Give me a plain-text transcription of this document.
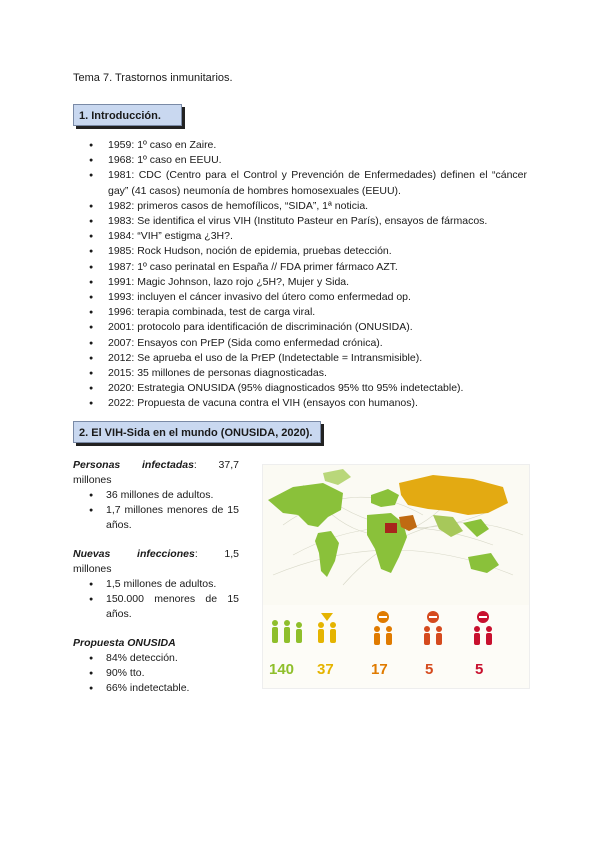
Tema 7. Trastornos inmunitarios.
1. Introducción.
● 1959: 1º caso en Zaire.
● 1968: 1º caso en EEUU.
● 1981: CDC (Centro para el Control y Prevención de Enfermedades) definen el “cáncer gay” (41 casos) neumonía de hombres homosexuales (EEUU).
● 1982: primeros casos de hemofílicos, “SIDA”, 1ª noticia.
● 1983: Se identifica el virus VIH (Instituto Pasteur en París), ensayos de fármacos.
● 1984: “VIH” estigma ¿3H?.
● 1985: Rock Hudson, noción de epidemia, pruebas detección.
● 1987: 1º caso perinatal en España // FDA primer fármaco AZT.
● 1991: Magic Johnson, lazo rojo ¿5H?, Mujer y Sida.
● 1993: incluyen el cáncer invasivo del útero como enfermedad op.
● 1996: terapia combinada, test de carga viral.
● 2001: protocolo para identificación de discriminación (ONUSIDA).
● 2007: Ensayos con PrEP (Sida como enfermedad crónica).
● 2012: Se aprueba el uso de la PrEP (Indetectable = Intransmisible).
● 2015: 35 millones de personas diagnosticadas.
● 2020: Estrategia ONUSIDA (95% diagnosticados 95% tto 95% indetectable).
● 2022: Propuesta de vacuna contra el VIH (ensayos con humanos).
2. El VIH-Sida en el mundo (ONUSIDA, 2020).
Personas infectadas: 37,7
millones
● 36 millones de adultos.
● 1,7 millones menores de 15 años.
Nuevas infecciones: 1,5
millones
● 1,5 millones de adultos.
● 150.000 menores de 15 años.
Propuesta ONUSIDA
● 84% detección.
● 90% tto.
● 66% indetectable.
140 37 17 5	5
